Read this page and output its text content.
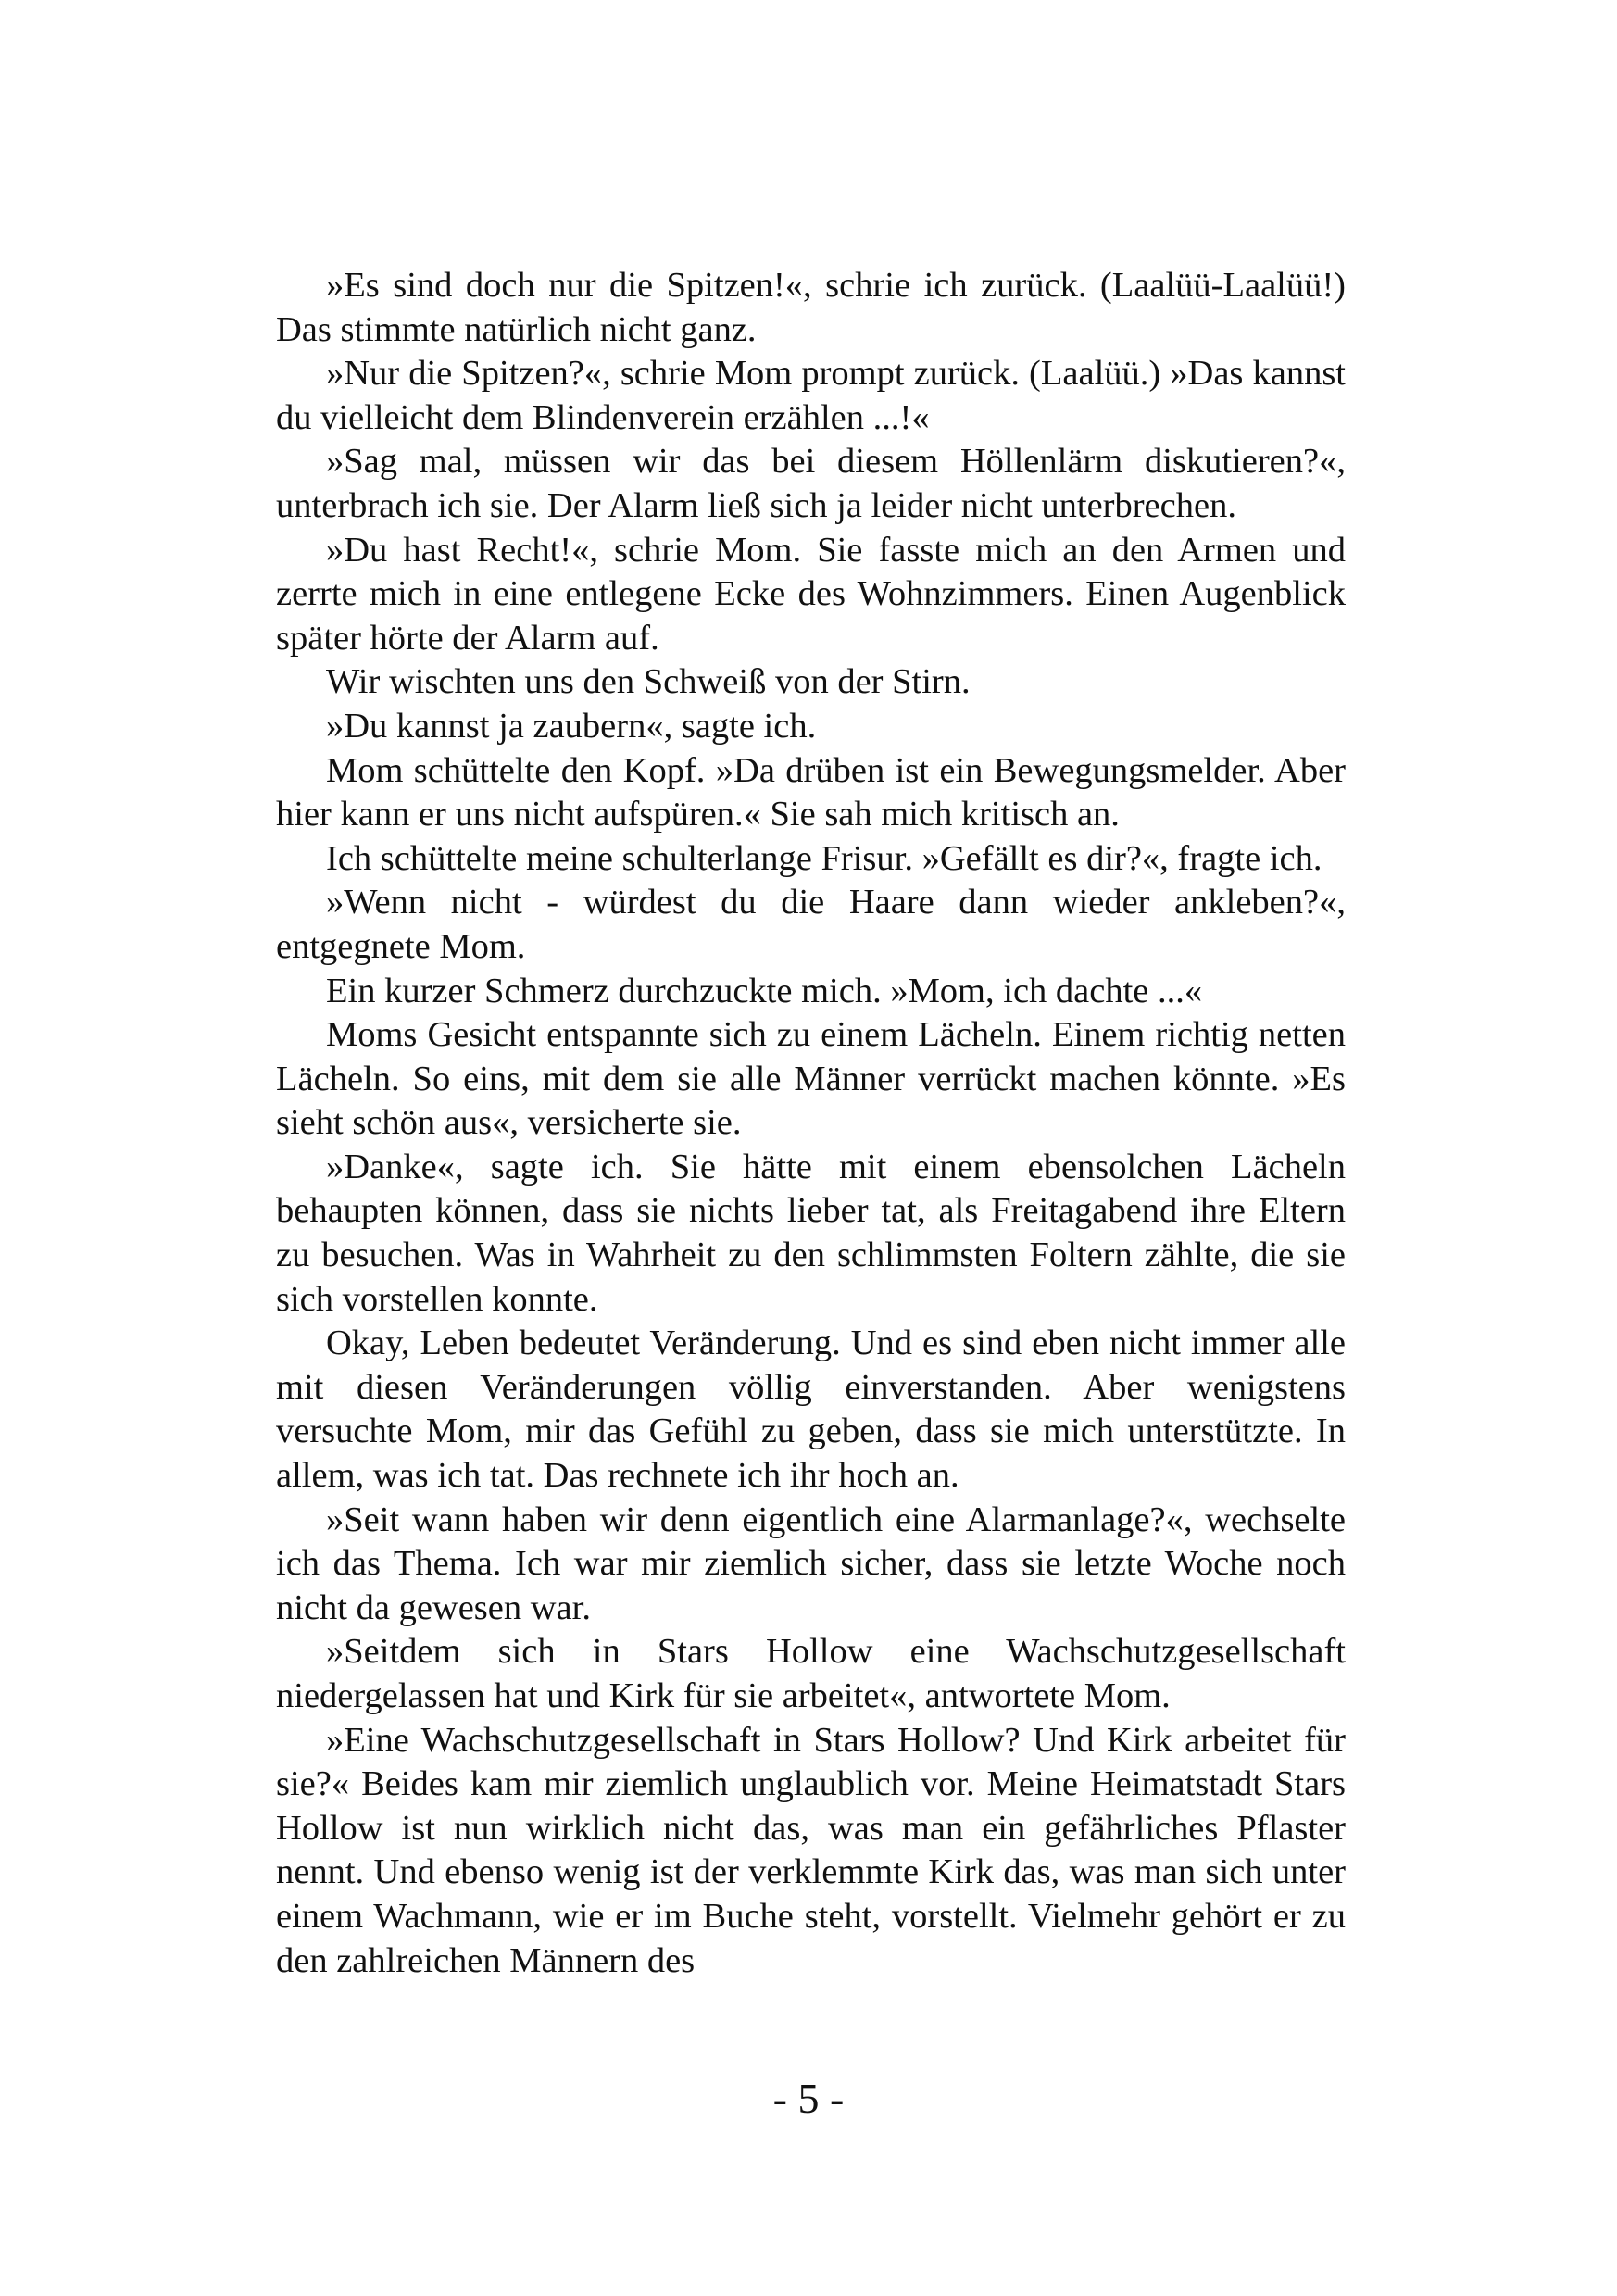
»Es sind doch nur die Spitzen!«, schrie ich zurück. (Laalüü-Laalüü!) Das stimmte natürlich nicht ganz.

»Nur die Spitzen?«, schrie Mom prompt zurück. (Laalüü.) »Das kannst du vielleicht dem Blindenverein erzählen ...!«

»Sag mal, müssen wir das bei diesem Höllenlärm diskutieren?«, unterbrach ich sie. Der Alarm ließ sich ja leider nicht unterbrechen.

»Du hast Recht!«, schrie Mom. Sie fasste mich an den Armen und zerrte mich in eine entlegene Ecke des Wohnzimmers. Einen Augenblick später hörte der Alarm auf.

Wir wischten uns den Schweiß von der Stirn.

»Du kannst ja zaubern«, sagte ich.

Mom schüttelte den Kopf. »Da drüben ist ein Bewegungsmelder. Aber hier kann er uns nicht aufspüren.« Sie sah mich kritisch an.

Ich schüttelte meine schulterlange Frisur. »Gefällt es dir?«, fragte ich.

»Wenn nicht - würdest du die Haare dann wieder ankleben?«, entgegnete Mom.

Ein kurzer Schmerz durchzuckte mich. »Mom, ich dachte ...«

Moms Gesicht entspannte sich zu einem Lächeln. Einem richtig netten Lächeln. So eins, mit dem sie alle Männer verrückt machen könnte. »Es sieht schön aus«, versicherte sie.

»Danke«, sagte ich. Sie hätte mit einem ebensolchen Lächeln behaupten können, dass sie nichts lieber tat, als Freitagabend ihre Eltern zu besuchen. Was in Wahrheit zu den schlimmsten Foltern zählte, die sie sich vorstellen konnte.

Okay, Leben bedeutet Veränderung. Und es sind eben nicht immer alle mit diesen Veränderungen völlig einverstanden. Aber wenigstens versuchte Mom, mir das Gefühl zu geben, dass sie mich unterstützte. In allem, was ich tat. Das rechnete ich ihr hoch an.

»Seit wann haben wir denn eigentlich eine Alarmanlage?«, wechselte ich das Thema. Ich war mir ziemlich sicher, dass sie letzte Woche noch nicht da gewesen war.

»Seitdem sich in Stars Hollow eine Wachschutzgesellschaft niedergelassen hat und Kirk für sie arbeitet«, antwortete Mom.

»Eine Wachschutzgesellschaft in Stars Hollow? Und Kirk arbeitet für sie?« Beides kam mir ziemlich unglaublich vor. Meine Heimatstadt Stars Hollow ist nun wirklich nicht das, was man ein gefährliches Pflaster nennt. Und ebenso wenig ist der verklemmte Kirk das, was man sich unter einem Wachmann, wie er im Buche steht, vorstellt. Vielmehr gehört er zu den zahlreichen Männern des

- 5 -
